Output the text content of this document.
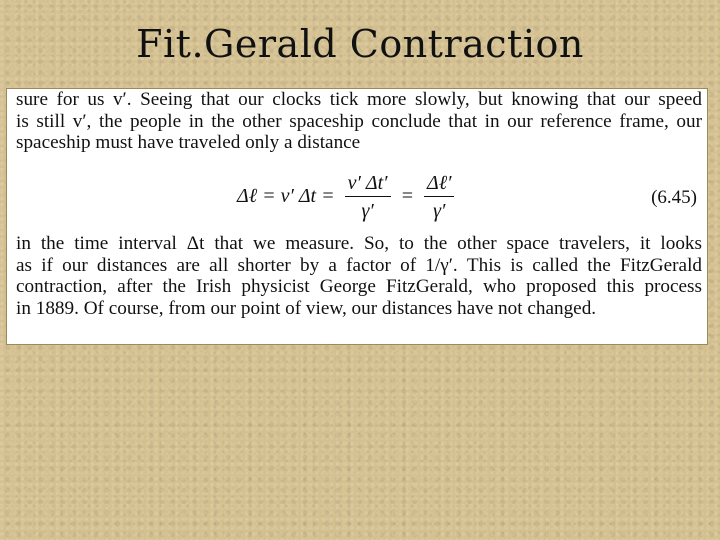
Fit.Gerald Contraction
sure for us v′. Seeing that our clocks tick more slowly, but knowing that our speed
is still v′, the people in the other spaceship conclude that in our reference frame, our
spaceship must have traveled only a distance
Δℓ = v′ $\Delta t = \frac{v' \Delta t'}{\gamma'} = \frac{\text{Δℓ′}}{\gamma'}$	(6.45)
in the time interval Δt that we measure. So, to the other space travelers, it looks
as if our distances are all shorter by a factor of 1/γ′. This is called the FitzGerald
contraction, after the Irish physicist George FitzGerald, who proposed this process
in 1889. Of course, from our point of view, our distances have not changed.
